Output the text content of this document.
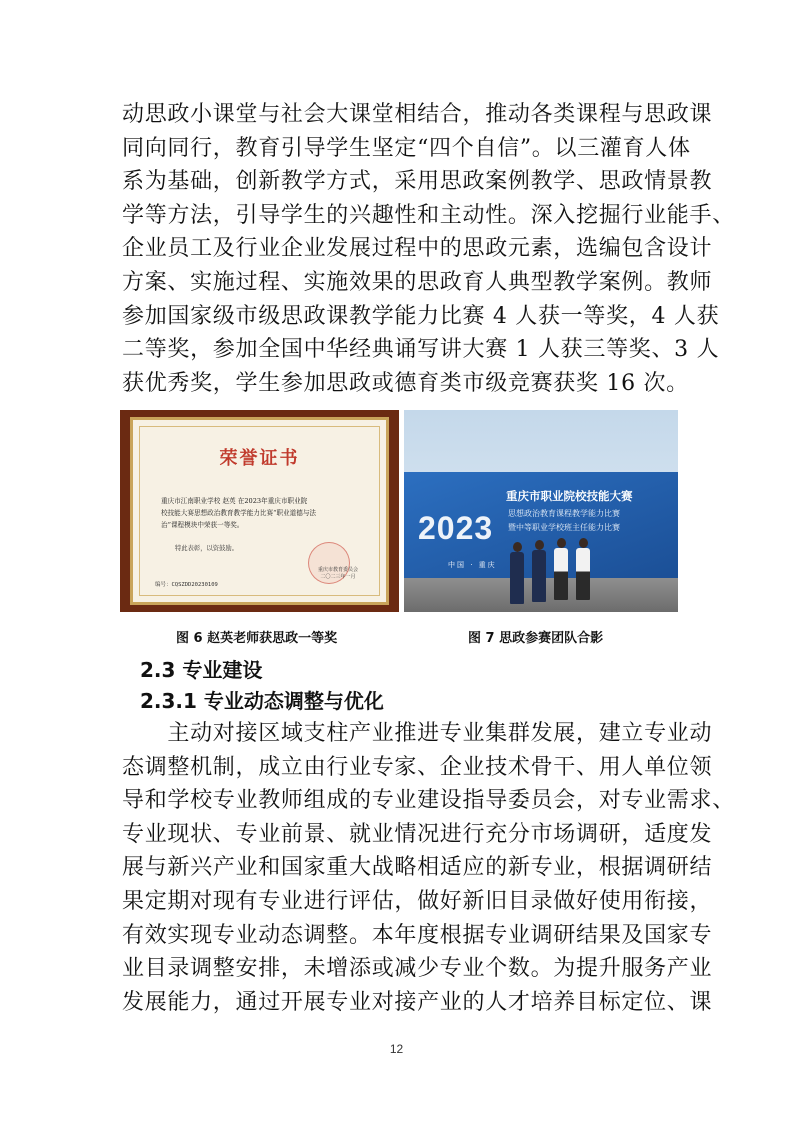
动思政小课堂与社会大课堂相结合，推动各类课程与思政课
同向同行，教育引导学生坚定“四个自信”。以三灌育人体
系为基础，创新教学方式，采用思政案例教学、思政情景教
学等方法，引导学生的兴趣性和主动性。深入挖掘行业能手、
企业员工及行业企业发展过程中的思政元素，选编包含设计
方案、实施过程、实施效果的思政育人典型教学案例。教师
参加国家级市级思政课教学能力比赛 4 人获一等奖，4 人获
二等奖，参加全国中华经典诵写讲大赛 1 人获三等奖、3 人
获优秀奖，学生参加思政或德育类市级竞赛获奖 16 次。
荣誉证书
重庆市江南职业学校 赵英 在2023年重庆市职业院
校技能大赛思想政治教育教学能力比赛“职业道德与法
治”课程模块中荣获一等奖。
特此表彰，以资鼓励。
重庆市教育委员会
二〇二三年一月
编号：CQSZDD20230109
2023
重庆市职业院校技能大赛
思想政治教育课程教学能力比赛
暨中等职业学校班主任能力比赛
中国 · 重庆
图 6 赵英老师获思政一等奖	图 7 思政参赛团队合影
2.3 专业建设
2.3.1 专业动态调整与优化
　　主动对接区域支柱产业推进专业集群发展，建立专业动
态调整机制，成立由行业专家、企业技术骨干、用人单位领
导和学校专业教师组成的专业建设指导委员会，对专业需求、
专业现状、专业前景、就业情况进行充分市场调研，适度发
展与新兴产业和国家重大战略相适应的新专业，根据调研结
果定期对现有专业进行评估，做好新旧目录做好使用衔接，
有效实现专业动态调整。本年度根据专业调研结果及国家专
业目录调整安排，未增添或减少专业个数。为提升服务产业
发展能力，通过开展专业对接产业的人才培养目标定位、课
12
